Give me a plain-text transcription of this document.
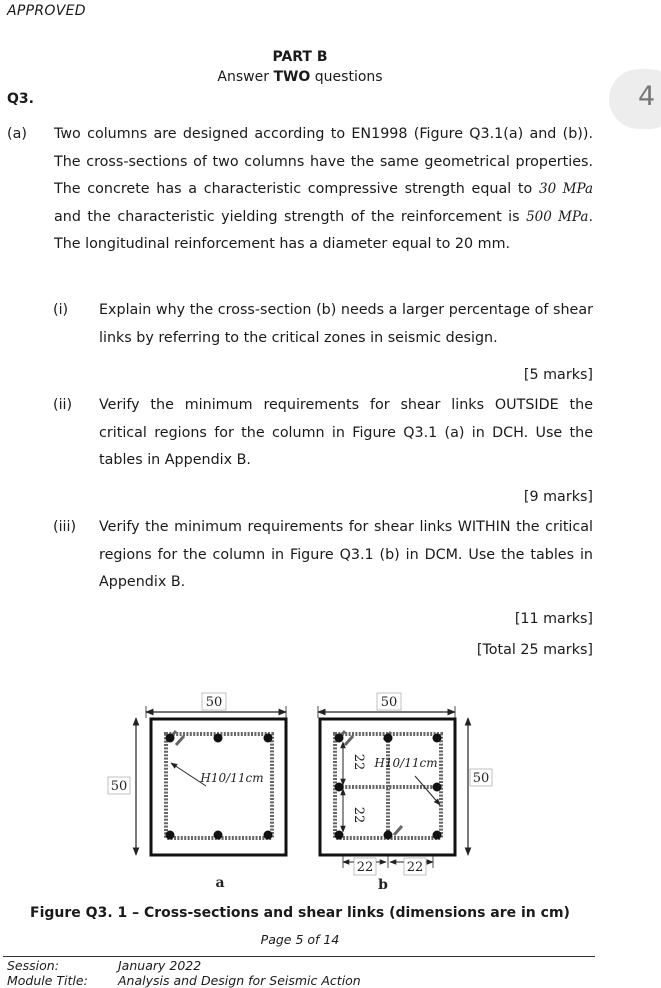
APPROVED
PART B
Answer TWO questions
4
Q3.
(a) Two columns are designed according to EN1998 (Figure Q3.1(a) and (b)). The cross-sections of two columns have the same geometrical properties. The concrete has a characteristic compressive strength equal to 30 MPa and the characteristic yielding strength of the reinforcement is 500 MPa. The longitudinal reinforcement has a diameter equal to 20 mm.
(i) Explain why the cross-section (b) needs a larger percentage of shear links by referring to the critical zones in seismic design.
[5 marks]
(ii) Verify the minimum requirements for shear links OUTSIDE the critical regions for the column in Figure Q3.1 (a) in DCH. Use the tables in Appendix B.
[9 marks]
(iii) Verify the minimum requirements for shear links WITHIN the critical regions for the column in Figure Q3.1 (b) in DCM. Use the tables in Appendix B.
[11 marks]
[Total 25 marks]
50
50
H10/11cm
a
50
50
22
22
H10/11cm
22	22
b
Figure Q3. 1 – Cross-sections and shear links (dimensions are in cm)
Page 5 of 14
Session:	January 2022
Module Title: Analysis and Design for Seismic Action
